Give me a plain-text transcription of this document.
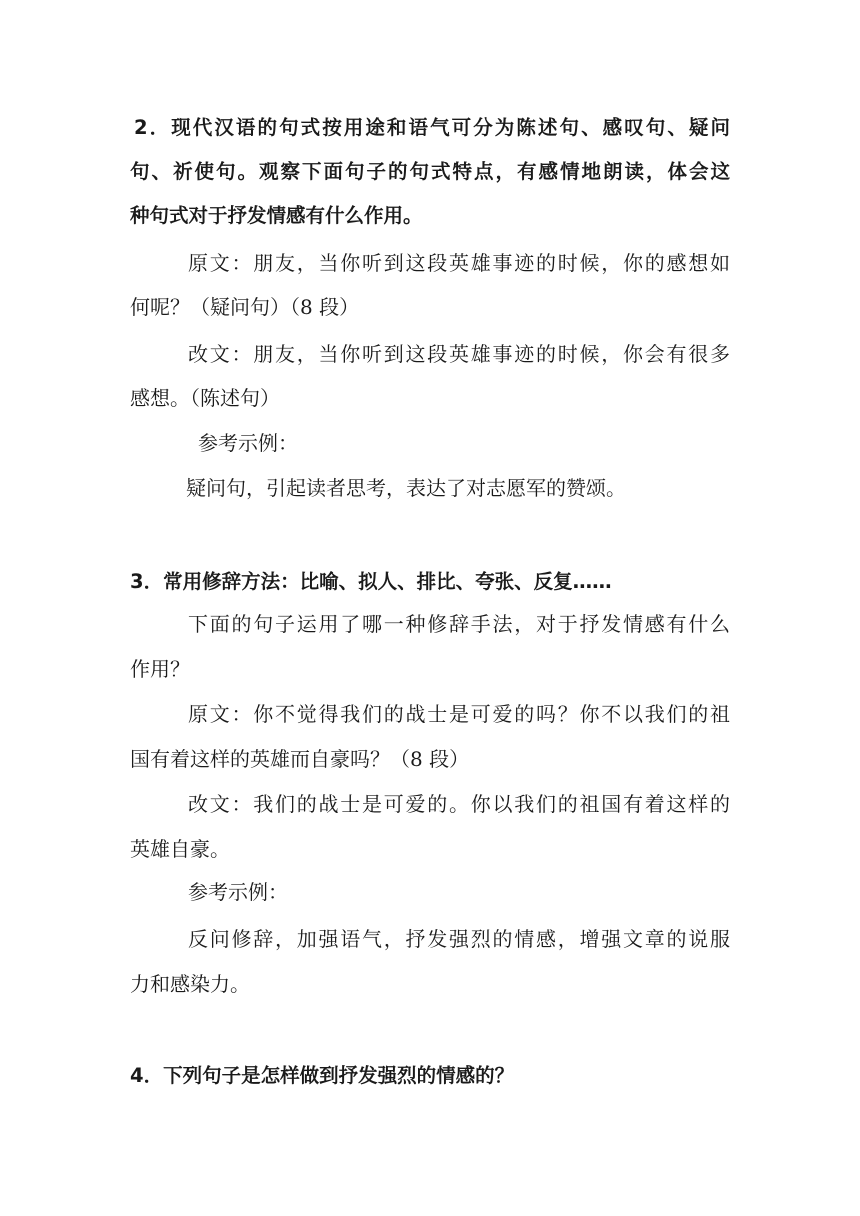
2．现代汉语的句式按用途和语气可分为陈述句、感叹句、疑问
句、祈使句。观察下面句子的句式特点，有感情地朗读，体会这
种句式对于抒发情感有什么作用。
原文：朋友，当你听到这段英雄事迹的时候，你的感想如
何呢？（疑问句）（8 段）
改文：朋友，当你听到这段英雄事迹的时候，你会有很多
感想。（陈述句）
参考示例：
疑问句，引起读者思考，表达了对志愿军的赞颂。
3．常用修辞方法：比喻、拟人、排比、夸张、反复……
下面的句子运用了哪一种修辞手法，对于抒发情感有什么
作用？
原文：你不觉得我们的战士是可爱的吗？你不以我们的祖
国有着这样的英雄而自豪吗？（8 段）
改文：我们的战士是可爱的。你以我们的祖国有着这样的
英雄自豪。
参考示例：
反问修辞，加强语气，抒发强烈的情感，增强文章的说服
力和感染力。
4．下列句子是怎样做到抒发强烈的情感的？
